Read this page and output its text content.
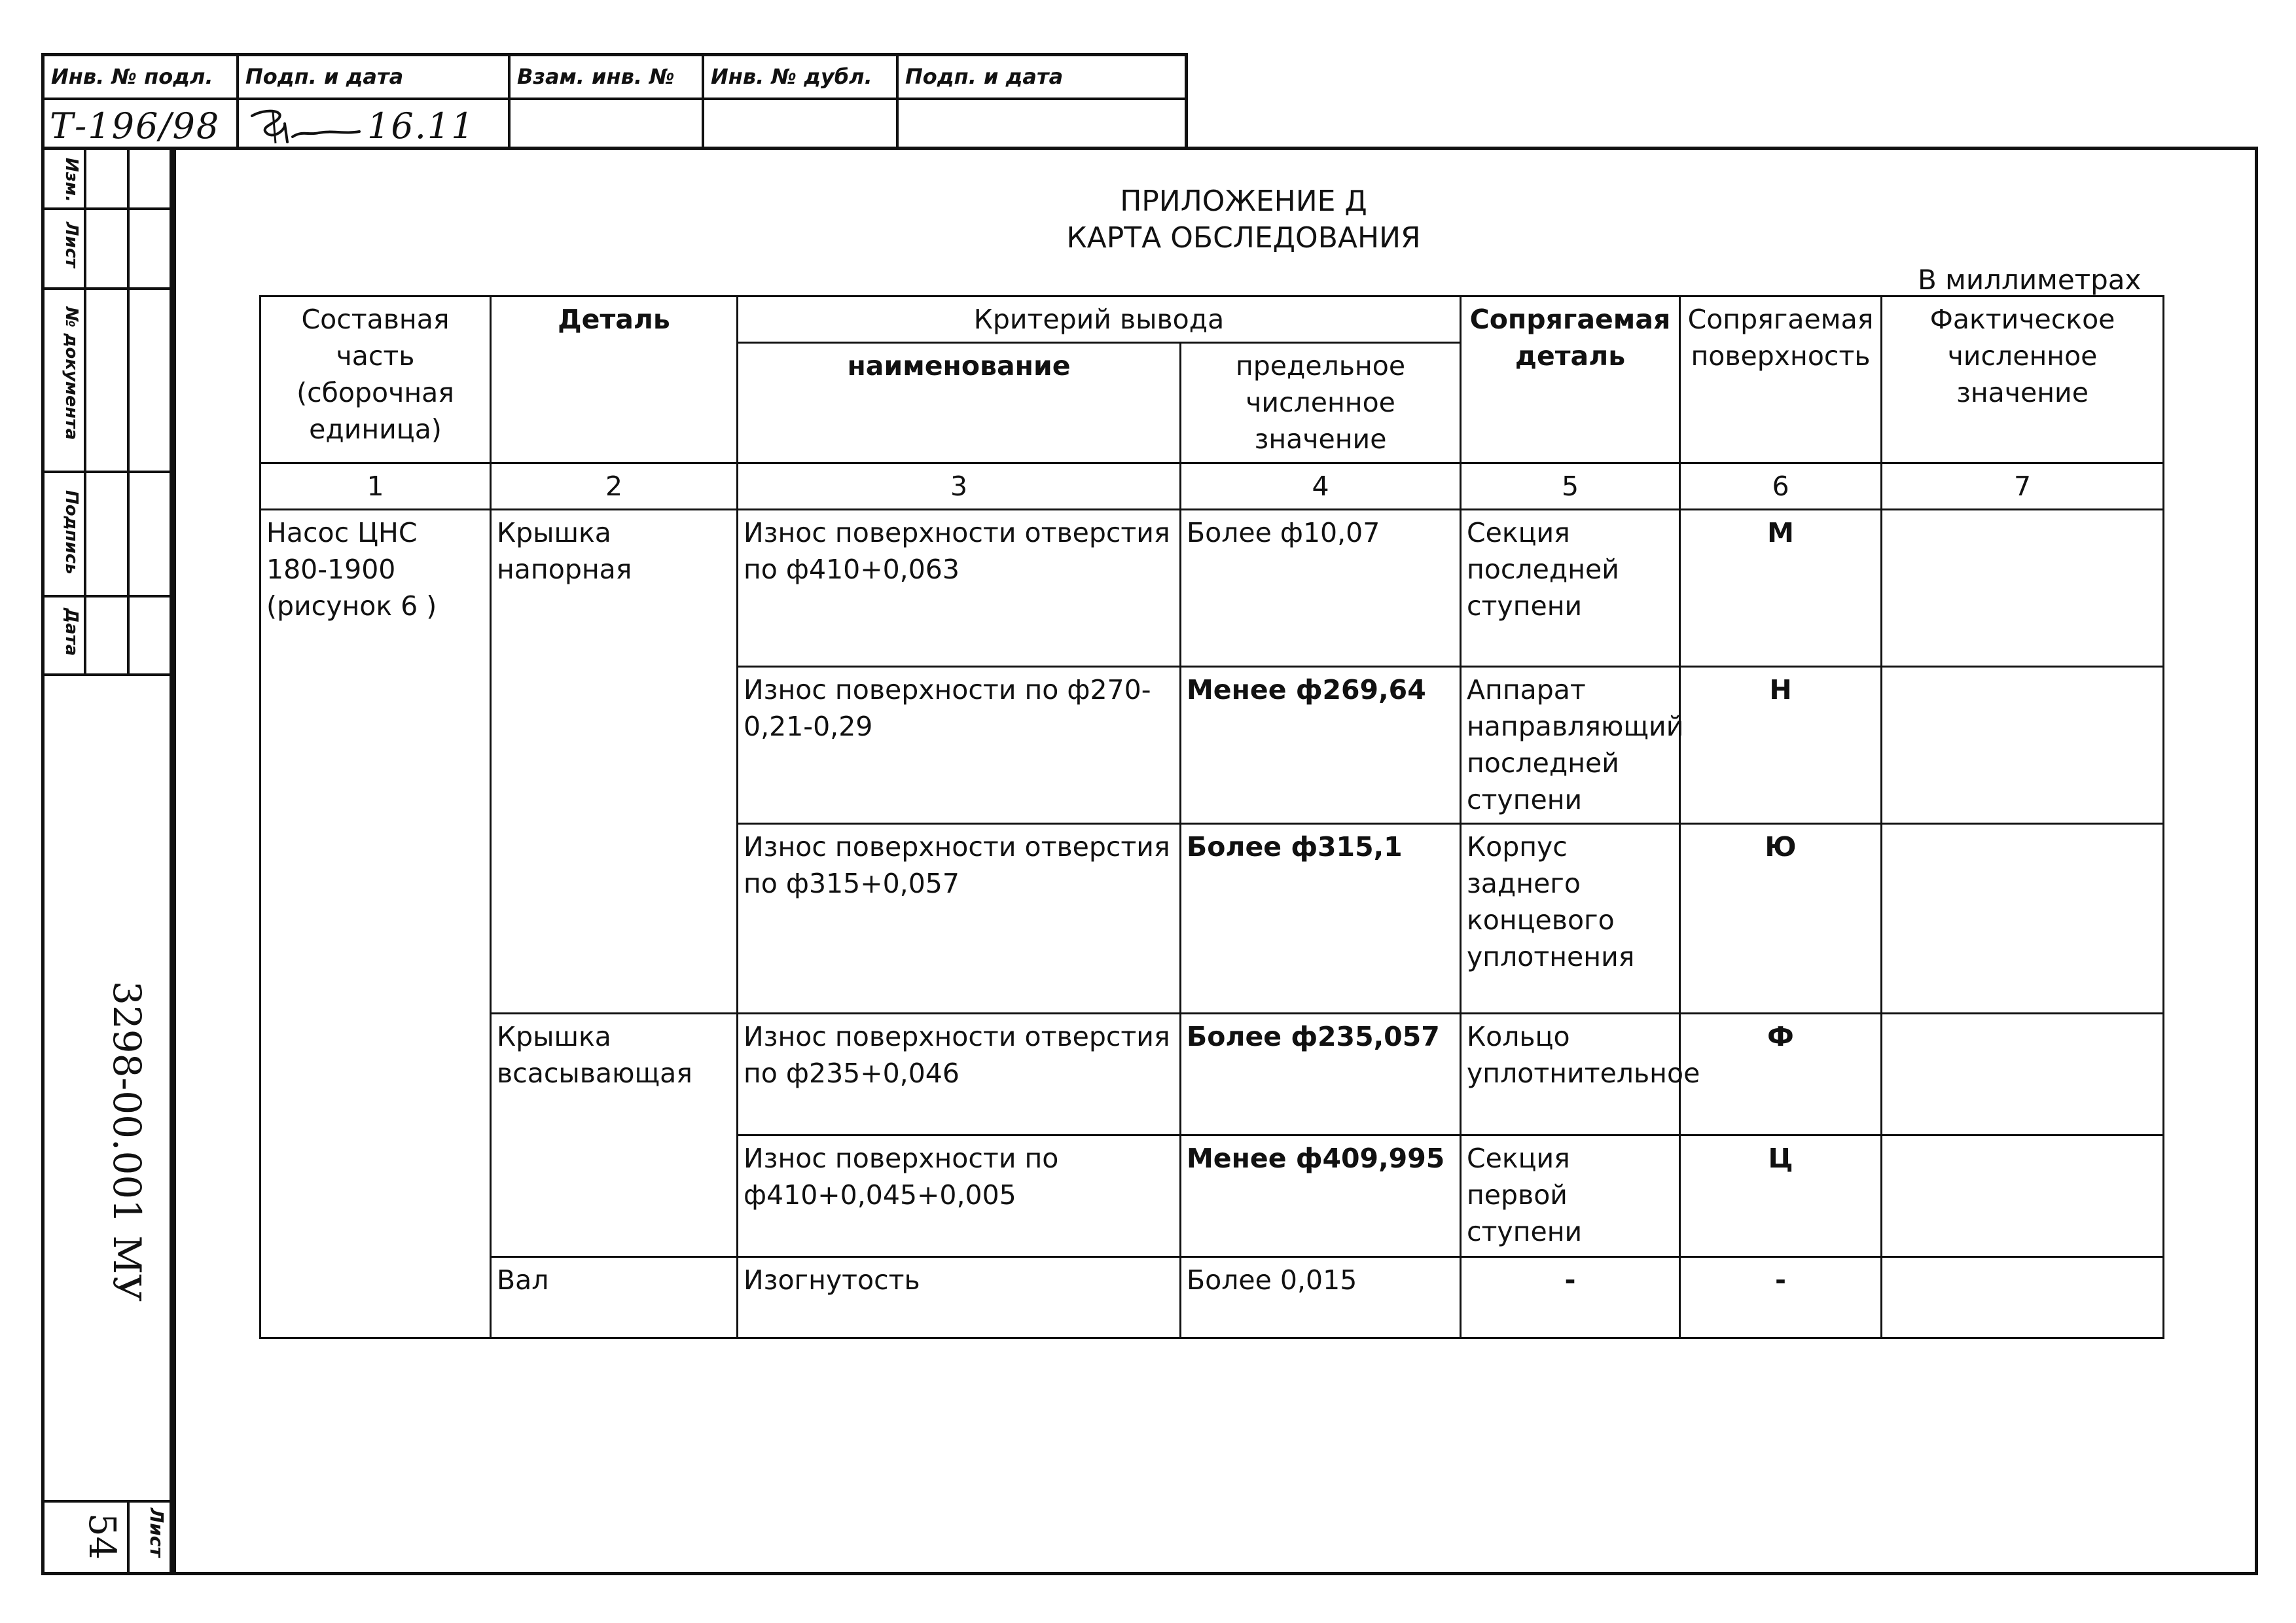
Инв. № подл. Подп. и дата	Взам. инв. № Инв. № дубл. Подп. и дата
Т-196/98	16.11
Изм.
Лист
№ документа
Подпись
Дата
3298-00.001 МУ
Лист
54
ПРИЛОЖЕНИЕ Д
КАРТА ОБСЛЕДОВАНИЯ
В миллиметрах
Составная часть (сборочная единица)	Деталь	Критерий вывода		Сопрягаемая деталь	Сопрягаемая поверхность	Фактическое численное значение
		наименование	предельное численное значение			
1	2	3	4	5	6	7
Насос ЦНС 180-1900 (рисунок 6 )	Крышка напорная	Износ поверхности отверстия по ф410+0,063	Более ф10,07	Секция последней ступени	М	
		Износ поверхности по ф270-0,21-0,29	Менее ф269,64	Аппарат направляющий последней ступени	Н	
		Износ поверхности отверстия по ф315+0,057	Более ф315,1	Корпус заднего концевого уплотнения	Ю	
	Крышка всасывающая	Износ поверхности отверстия по ф235+0,046	Более ф235,057	Кольцо уплотнительное	Ф	
		Износ поверхности по ф410+0,045+0,005	Менее ф409,995	Секция первой ступени	Ц	
	Вал	Изогнутость	Более 0,015	-	-	
